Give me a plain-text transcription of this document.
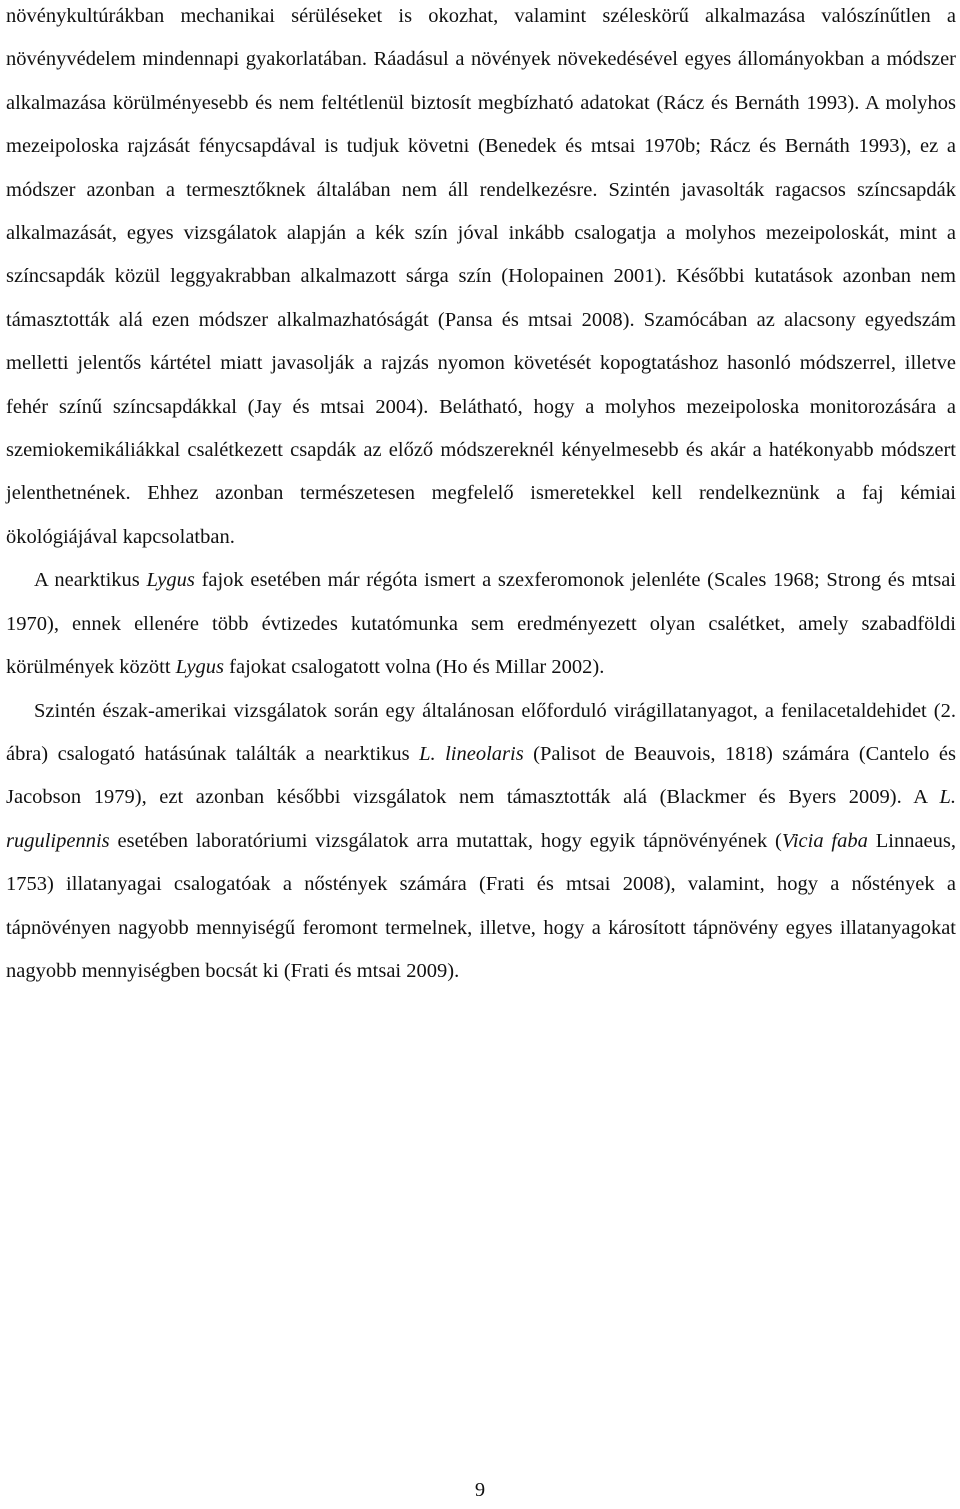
növénykultúrákban mechanikai sérüléseket is okozhat, valamint széleskörű alkalmazása valószínűtlen a növényvédelem mindennapi gyakorlatában. Ráadásul a növények növekedésével egyes állományokban a módszer alkalmazása körülményesebb és nem feltétlenül biztosít megbízható adatokat (Rácz és Bernáth 1993). A molyhos mezeipoloska rajzását fénycsapdával is tudjuk követni (Benedek és mtsai 1970b; Rácz és Bernáth 1993), ez a módszer azonban a termesztőknek általában nem áll rendelkezésre. Szintén javasolták ragacsos színcsapdák alkalmazását, egyes vizsgálatok alapján a kék szín jóval inkább csalogatja a molyhos mezeipoloskát, mint a színcsapdák közül leggyakrabban alkalmazott sárga szín (Holopainen 2001). Későbbi kutatások azonban nem támasztották alá ezen módszer alkalmazhatóságát (Pansa és mtsai 2008). Szamócában az alacsony egyedszám melletti jelentős kártétel miatt javasolják a rajzás nyomon követését kopogtatáshoz hasonló módszerrel, illetve fehér színű színcsapdákkal (Jay és mtsai 2004). Belátható, hogy a molyhos mezeipoloska monitorozására a szemiokemikáliákkal csalétkezett csapdák az előző módszereknél kényelmesebb és akár a hatékonyabb módszert jelenthetnének. Ehhez azonban természetesen megfelelő ismeretekkel kell rendelkeznünk a faj kémiai ökológiájával kapcsolatban.

A nearktikus Lygus fajok esetében már régóta ismert a szexferomonok jelenléte (Scales 1968; Strong és mtsai 1970), ennek ellenére több évtizedes kutatómunka sem eredményezett olyan csalétket, amely szabadföldi körülmények között Lygus fajokat csalogatott volna (Ho és Millar 2002).

Szintén észak-amerikai vizsgálatok során egy általánosan előforduló virágillatanyagot, a fenilacetaldehidet (2. ábra) csalogató hatásúnak találták a nearktikus L. lineolaris (Palisot de Beauvois, 1818) számára (Cantelo és Jacobson 1979), ezt azonban későbbi vizsgálatok nem támasztották alá (Blackmer és Byers 2009). A L. rugulipennis esetében laboratóriumi vizsgálatok arra mutattak, hogy egyik tápnövényének (Vicia faba Linnaeus, 1753) illatanyagai csalogatóak a nőstények számára (Frati és mtsai 2008), valamint, hogy a nőstények a tápnövényen nagyobb mennyiségű feromont termelnek, illetve, hogy a károsított tápnövény egyes illatanyagokat nagyobb mennyiségben bocsát ki (Frati és mtsai 2009).

9
